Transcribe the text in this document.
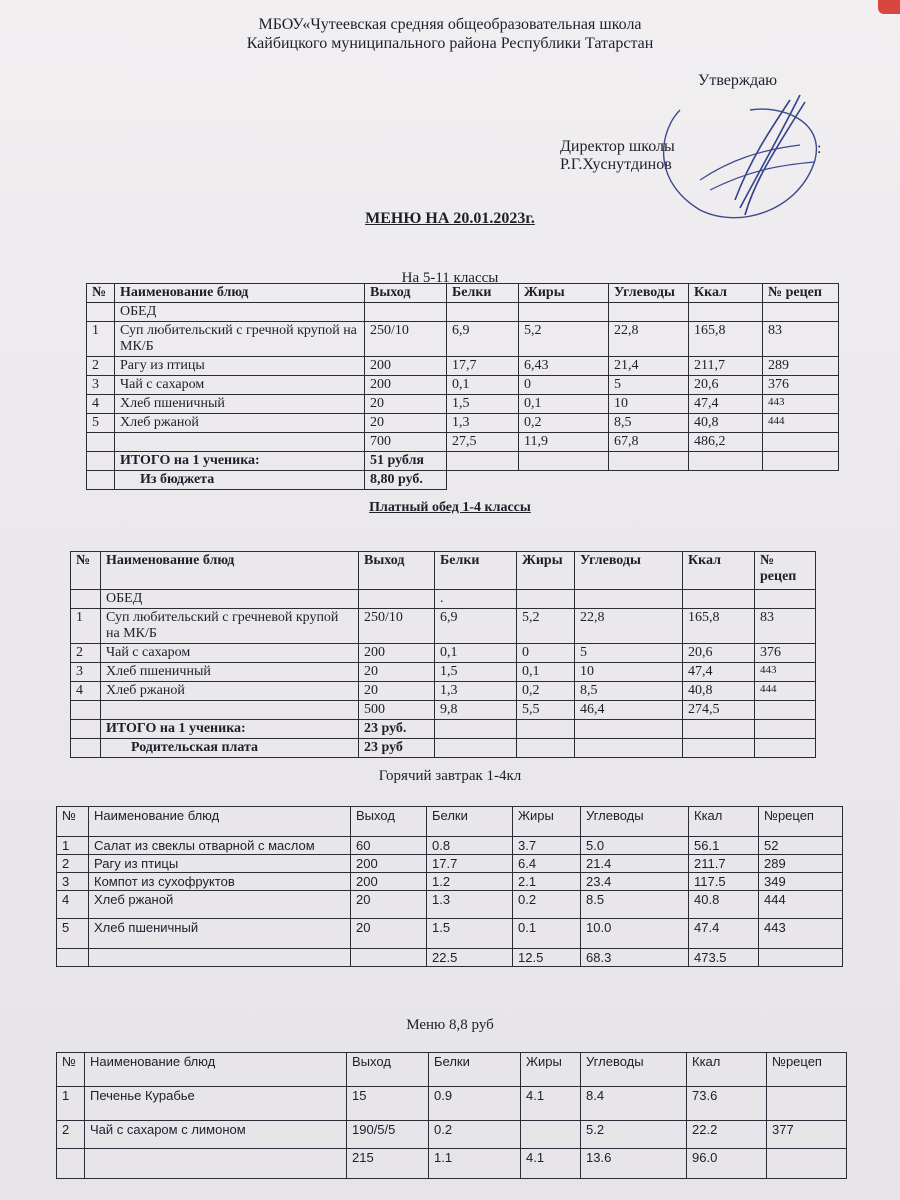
МБОУ«Чутеевская средняя общеобразовательная школа
Кайбицкого муниципального района Республики Татарстан
Утверждаю
Директор школы
Р.Г.Хуснутдинов
:
МЕНЮ НА 20.01.2023г.
На 5-11 классы
№	Наименование блюд	Выход	Белки	Жиры	Углеводы	Ккал	№ рецеп
	ОБЕД						
1	Суп любительский с гречной крупой на МК/Б	250/10	6,9	5,2	22,8	165,8	83
2	Рагу из птицы	200	17,7	6,43	21,4	211,7	289
3	Чай с сахаром	200	0,1	0	5	20,6	376
4	Хлеб пшеничный	20	1,5	0,1	10	47,4	443
5	Хлеб ржаной	20	1,3	0,2	8,5	40,8	444
		700	27,5	11,9	67,8	486,2	
	ИТОГО на 1 ученика:	51 рубля					
	Из бюджета	8,80 руб.					
Платный обед 1-4 классы
№	Наименование блюд	Выход	Белки	Жиры	Углеводы	Ккал	№ рецеп
	ОБЕД		.				
1	Суп любительский с гречневой крупой на МК/Б	250/10	6,9	5,2	22,8	165,8	83
2	Чай с сахаром	200	0,1	0	5	20,6	376
3	Хлеб пшеничный	20	1,5	0,1	10	47,4	443
4	Хлеб ржаной	20	1,3	0,2	8,5	40,8	444
		500	9,8	5,5	46,4	274,5	
	ИТОГО на 1 ученика:	23 руб.					
	Родительская плата	23 руб					
Горячий завтрак 1-4кл
№	Наименование блюд	Выход	Белки	Жиры	Углеводы	Ккал	№рецеп
1	Салат из свеклы отварной с маслом	60	0.8	3.7	5.0	56.1	52
2	Рагу из птицы	200	17.7	6.4	21.4	211.7	289
3	Компот из сухофруктов	200	1.2	2.1	23.4	117.5	349
4	Хлеб ржаной	20	1.3	0.2	8.5	40.8	444
5	Хлеб пшеничный	20	1.5	0.1	10.0	47.4	443
			22.5	12.5	68.3	473.5	
Меню 8,8 руб
№	Наименование блюд	Выход	Белки	Жиры	Углеводы	Ккал	№рецеп
1	Печенье Курабье	15	0.9	4.1	8.4	73.6	
2	Чай с сахаром с лимоном	190/5/5	0.2		5.2	22.2	377
		215	1.1	4.1	13.6	96.0	
